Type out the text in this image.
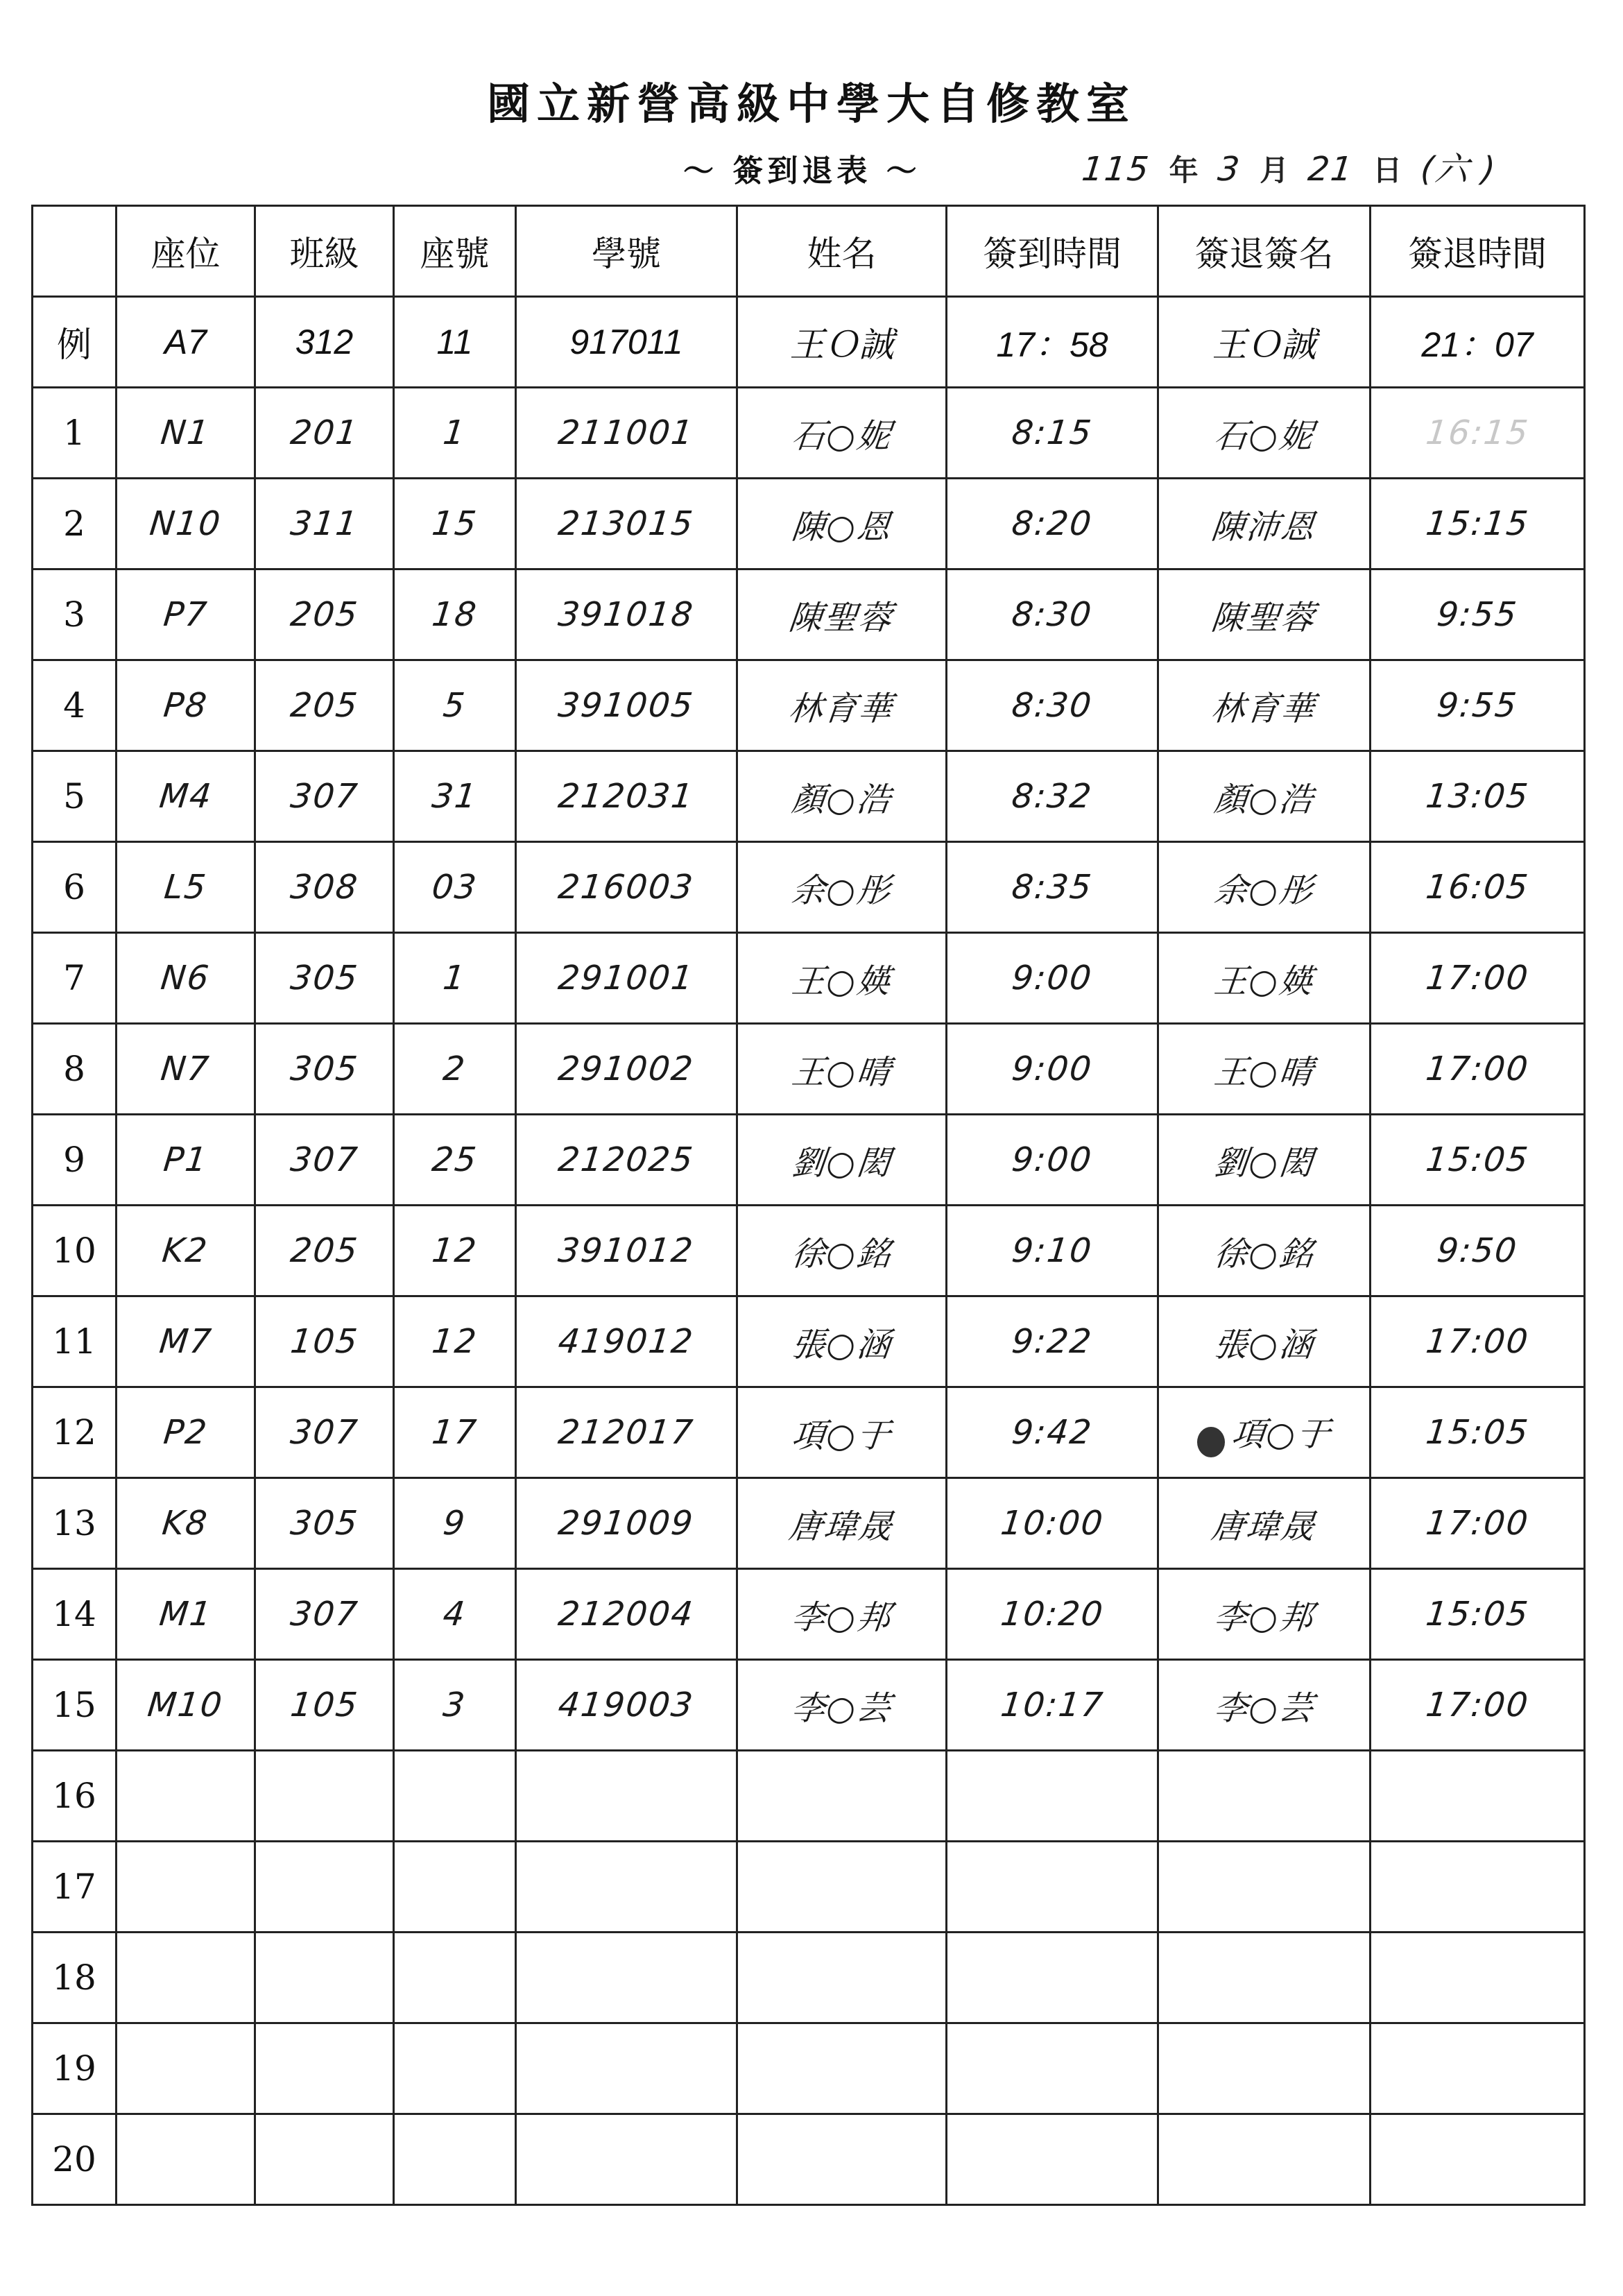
國立新營高級中學大自修教室
～ 簽到退表 ～	115 年 3 月 21 日 (六 )
	座位	班級	座號	學號	姓名	簽到時間	簽退簽名	簽退時間
例	A7	312	11	917011	王Ｏ誠	17：58	王Ｏ誠	21：07
1	N1	201	1	211001	石○妮	8:15	石○妮	16:15
2	N10	311	15	213015	陳○恩	8:20	陳沛恩	15:15
3	P7	205	18	391018	陳聖蓉	8:30	陳聖蓉	9:55
4	P8	205	5	391005	林育華	8:30	林育華	9:55
5	M4	307	31	212031	顏○浩	8:32	顏○浩	13:05
6	L5	308	03	216003	余○彤	8:35	余○彤	16:05
7	N6	305	1	291001	王○媖	9:00	王○媖	17:00
8	N7	305	2	291002	王○晴	9:00	王○晴	17:00
9	P1	307	25	212025	劉○閎	9:00	劉○閎	15:05
10	K2	205	12	391012	徐○銘	9:10	徐○銘	9:50
11	M7	105	12	419012	張○涵	9:22	張○涵	17:00
12	P2	307	17	212017	項○于	9:42	項○于	15:05
13	K8	305	9	291009	唐瑋晟	10:00	唐瑋晟	17:00
14	M1	307	4	212004	李○邦	10:20	李○邦	15:05
15	M10	105	3	419003	李○芸	10:17	李○芸	17:00
16								
17								
18								
19								
20								
